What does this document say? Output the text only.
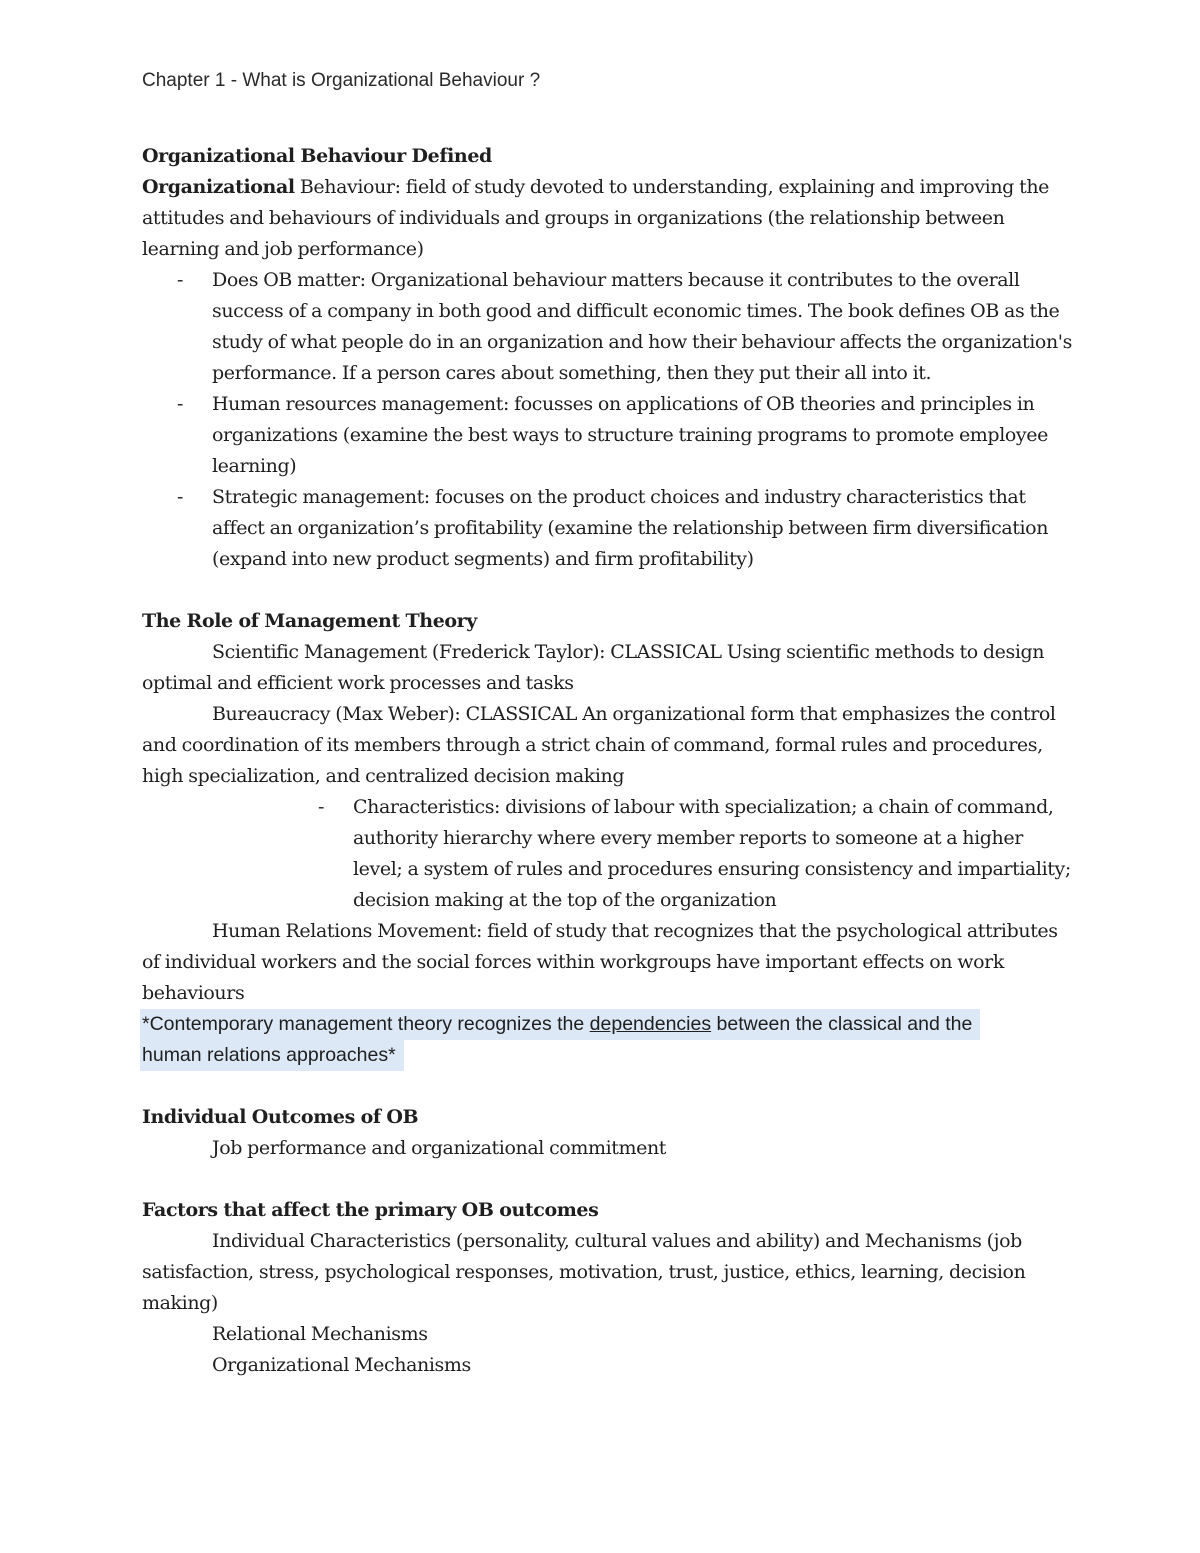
Chapter 1 - What is Organizational Behaviour ?

Organizational Behaviour Defined

Organizational Behaviour: field of study devoted to understanding, explaining and improving the attitudes and behaviours of individuals and groups in organizations (the relationship between learning and job performance)

- Does OB matter: Organizational behaviour matters because it contributes to the overall success of a company in both good and difficult economic times. The book defines OB as the study of what people do in an organization and how their behaviour affects the organization's performance. If a person cares about something, then they put their all into it.
- Human resources management: focusses on applications of OB theories and principles in organizations (examine the best ways to structure training programs to promote employee learning)
- Strategic management: focuses on the product choices and industry characteristics that affect an organization’s profitability (examine the relationship between firm diversification (expand into new product segments) and firm profitability)

The Role of Management Theory

Scientific Management (Frederick Taylor): CLASSICAL Using scientific methods to design optimal and efficient work processes and tasks

Bureaucracy (Max Weber): CLASSICAL An organizational form that emphasizes the control and coordination of its members through a strict chain of command, formal rules and procedures, high specialization, and centralized decision making

- Characteristics: divisions of labour with specialization; a chain of command, authority hierarchy where every member reports to someone at a higher level; a system of rules and procedures ensuring consistency and impartiality; decision making at the top of the organization

Human Relations Movement: field of study that recognizes that the psychological attributes of individual workers and the social forces within workgroups have important effects on work behaviours

*Contemporary management theory recognizes the dependencies between the classical and the
human relations approaches*

Individual Outcomes of OB

Job performance and organizational commitment

Factors that affect the primary OB outcomes

Individual Characteristics (personality, cultural values and ability) and Mechanisms (job satisfaction, stress, psychological responses, motivation, trust, justice, ethics, learning, decision making)

Relational Mechanisms

Organizational Mechanisms
